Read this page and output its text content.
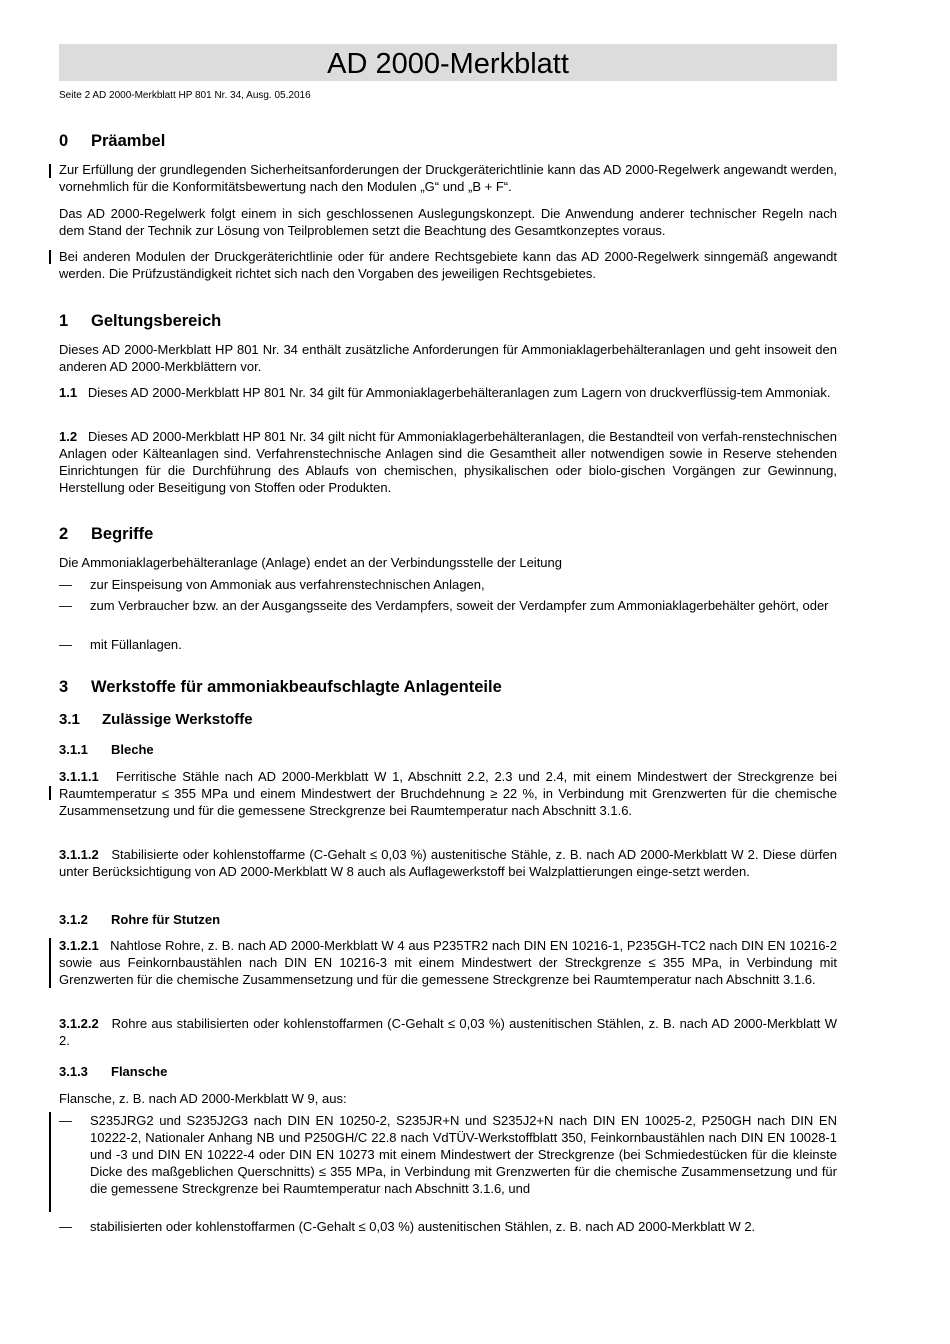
AD 2000-Merkblatt
Seite 2 AD 2000-Merkblatt HP 801 Nr. 34, Ausg. 05.2016
0 Präambel
Zur Erfüllung der grundlegenden Sicherheitsanforderungen der Druckgeräterichtlinie kann das AD 2000-Regelwerk angewandt werden, vornehmlich für die Konformitätsbewertung nach den Modulen „G“ und „B + F“.
Das AD 2000-Regelwerk folgt einem in sich geschlossenen Auslegungskonzept. Die Anwendung anderer technischer Regeln nach dem Stand der Technik zur Lösung von Teilproblemen setzt die Beachtung des Gesamtkonzeptes voraus.
Bei anderen Modulen der Druckgeräterichtlinie oder für andere Rechtsgebiete kann das AD 2000-Regelwerk sinngemäß angewandt werden. Die Prüfzuständigkeit richtet sich nach den Vorgaben des jeweiligen Rechtsgebietes.
1 Geltungsbereich
Dieses AD 2000-Merkblatt HP 801 Nr. 34 enthält zusätzliche Anforderungen für Ammoniaklagerbehälteranlagen und geht insoweit den anderen AD 2000-Merkblättern vor.
1.1 Dieses AD 2000-Merkblatt HP 801 Nr. 34 gilt für Ammoniaklagerbehälteranlagen zum Lagern von druckverflüssig-tem Ammoniak.
1.2 Dieses AD 2000-Merkblatt HP 801 Nr. 34 gilt nicht für Ammoniaklagerbehälteranlagen, die Bestandteil von verfah-renstechnischen Anlagen oder Kälteanlagen sind. Verfahrenstechnische Anlagen sind die Gesamtheit aller notwendigen sowie in Reserve stehenden Einrichtungen für die Durchführung des Ablaufs von chemischen, physikalischen oder biolo-gischen Vorgängen zur Gewinnung, Herstellung oder Beseitigung von Stoffen oder Produkten.
2 Begriffe
Die Ammoniaklagerbehälteranlage (Anlage) endet an der Verbindungsstelle der Leitung
—	zur Einspeisung von Ammoniak aus verfahrenstechnischen Anlagen,
—	zum Verbraucher bzw. an der Ausgangsseite des Verdampfers, soweit der Verdampfer zum Ammoniaklagerbehälter gehört, oder
—	mit Füllanlagen.
3 Werkstoffe für ammoniakbeaufschlagte Anlagenteile
3.1 Zulässige Werkstoffe
3.1.1 Bleche
3.1.1.1 Ferritische Stähle nach AD 2000-Merkblatt W 1, Abschnitt 2.2, 2.3 und 2.4, mit einem Mindestwert der Streckgrenze bei Raumtemperatur ≤ 355 MPa und einem Mindestwert der Bruchdehnung ≥ 22 %, in Verbindung mit Grenzwerten für die chemische Zusammensetzung und für die gemessene Streckgrenze bei Raumtemperatur nach Abschnitt 3.1.6.
3.1.1.2 Stabilisierte oder kohlenstoffarme (C-Gehalt ≤ 0,03 %) austenitische Stähle, z. B. nach AD 2000-Merkblatt W 2. Diese dürfen unter Berücksichtigung von AD 2000-Merkblatt W 8 auch als Auflagewerkstoff bei Walzplattierungen einge-setzt werden.
3.1.2 Rohre für Stutzen
3.1.2.1 Nahtlose Rohre, z. B. nach AD 2000-Merkblatt W 4 aus P235TR2 nach DIN EN 10216-1, P235GH-TC2 nach DIN EN 10216-2 sowie aus Feinkornbaustählen nach DIN EN 10216-3 mit einem Mindestwert der Streckgrenze ≤ 355 MPa, in Verbindung mit Grenzwerten für die chemische Zusammensetzung und für die gemessene Streckgrenze bei Raumtemperatur nach Abschnitt 3.1.6.
3.1.2.2 Rohre aus stabilisierten oder kohlenstoffarmen (C-Gehalt ≤ 0,03 %) austenitischen Stählen, z. B. nach AD 2000-Merkblatt W 2.
3.1.3 Flansche
Flansche, z. B. nach AD 2000-Merkblatt W 9, aus:
—	S235JRG2 und S235J2G3 nach DIN EN 10250-2, S235JR+N und S235J2+N nach DIN EN 10025-2, P250GH nach DIN EN 10222-2, Nationaler Anhang NB und P250GH/C 22.8 nach VdTÜV-Werkstoffblatt 350, Feinkornbaustählen nach DIN EN 10028-1 und -3 und DIN EN 10222-4 oder DIN EN 10273 mit einem Mindestwert der Streckgrenze (bei Schmiedestücken für die kleinste Dicke des maßgeblichen Querschnitts) ≤ 355 MPa, in Verbindung mit Grenzwerten für die chemische Zusammensetzung und für die gemessene Streckgrenze bei Raumtemperatur nach Abschnitt 3.1.6, und
—	stabilisierten oder kohlenstoffarmen (C-Gehalt ≤ 0,03 %) austenitischen Stählen, z. B. nach AD 2000-Merkblatt W 2.
